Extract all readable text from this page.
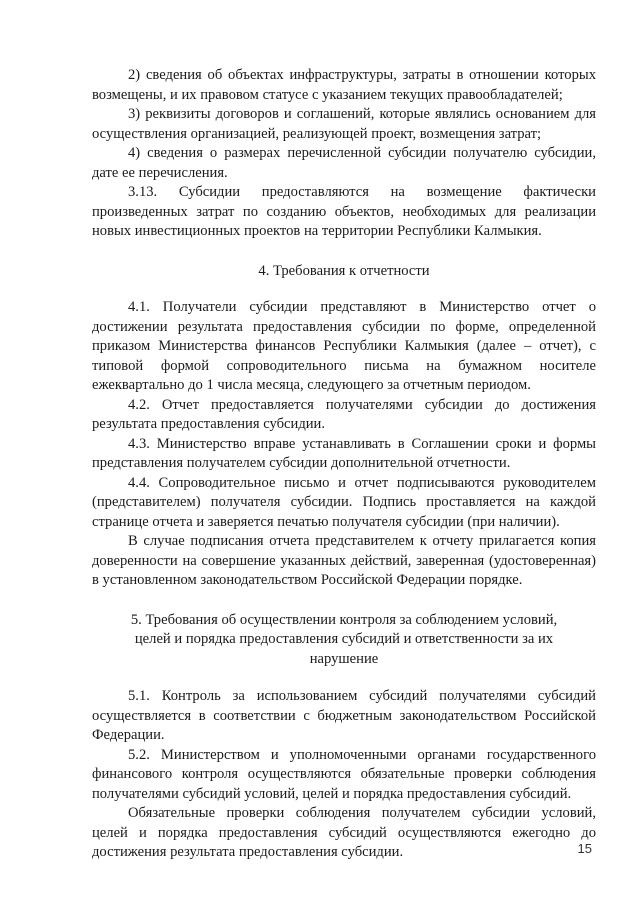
2) сведения об объектах инфраструктуры, затраты в отношении которых возмещены, и их правовом статусе с указанием текущих правообладателей;

3) реквизиты договоров и соглашений, которые являлись основанием для осуществления организацией, реализующей проект, возмещения затрат;

4) сведения о размерах перечисленной субсидии получателю субсидии, дате ее перечисления.

3.13. Субсидии предоставляются на возмещение фактически произведенных затрат по созданию объектов, необходимых для реализации новых инвестиционных проектов на территории Республики Калмыкия.

4. Требования к отчетности

4.1. Получатели субсидии представляют в Министерство отчет о достижении результата предоставления субсидии по форме, определенной приказом Министерства финансов Республики Калмыкия (далее – отчет), с типовой формой сопроводительного письма на бумажном носителе ежеквартально до 1 числа месяца, следующего за отчетным периодом.

4.2. Отчет предоставляется получателями субсидии до достижения результата предоставления субсидии.

4.3. Министерство вправе устанавливать в Соглашении сроки и формы представления получателем субсидии дополнительной отчетности.

4.4. Сопроводительное письмо и отчет подписываются руководителем (представителем) получателя субсидии. Подпись проставляется на каждой странице отчета и заверяется печатью получателя субсидии (при наличии).

В случае подписания отчета представителем к отчету прилагается копия доверенности на совершение указанных действий, заверенная (удостоверенная) в установленном законодательством Российской Федерации порядке.

5. Требования об осуществлении контроля за соблюдением условий,

целей и порядка предоставления субсидий и ответственности за их

нарушение

5.1. Контроль за использованием субсидий получателями субсидий осуществляется в соответствии с бюджетным законодательством Российской Федерации.

5.2. Министерством и уполномоченными органами государственного финансового контроля осуществляются обязательные проверки соблюдения получателями субсидий условий, целей и порядка предоставления субсидий.

Обязательные проверки соблюдения получателем субсидии условий, целей и порядка предоставления субсидий осуществляются ежегодно до достижения результата предоставления субсидии.	15
